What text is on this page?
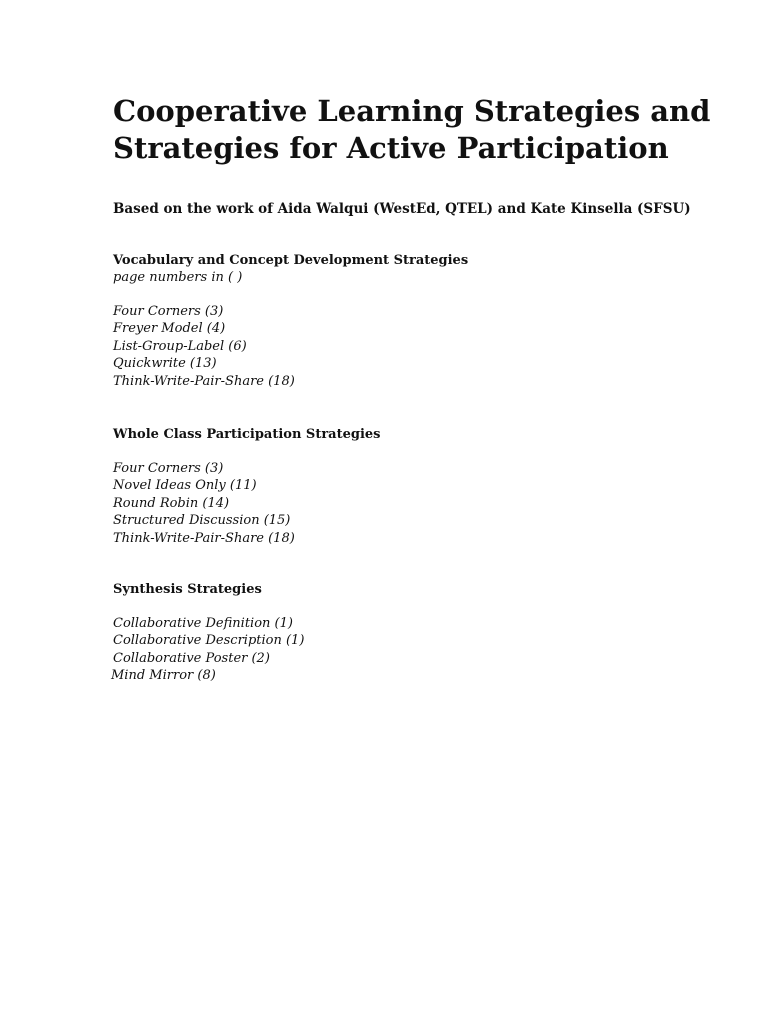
Cooperative Learning Strategies and
Strategies for Active Participation

Based on the work of Aida Walqui (WestEd, QTEL) and Kate Kinsella (SFSU)

Vocabulary and Concept Development Strategies

page numbers in ( )

Four Corners (3)
Freyer Model (4)
List-Group-Label (6)
Quickwrite (13)
Think-Write-Pair-Share (18)

Whole Class Participation Strategies

Four Corners (3)
Novel Ideas Only (11)
Round Robin (14)
Structured Discussion (15)
Think-Write-Pair-Share (18)

Synthesis Strategies

Collaborative Definition (1)
Collaborative Description (1)
Collaborative Poster (2)
Mind Mirror (8)
